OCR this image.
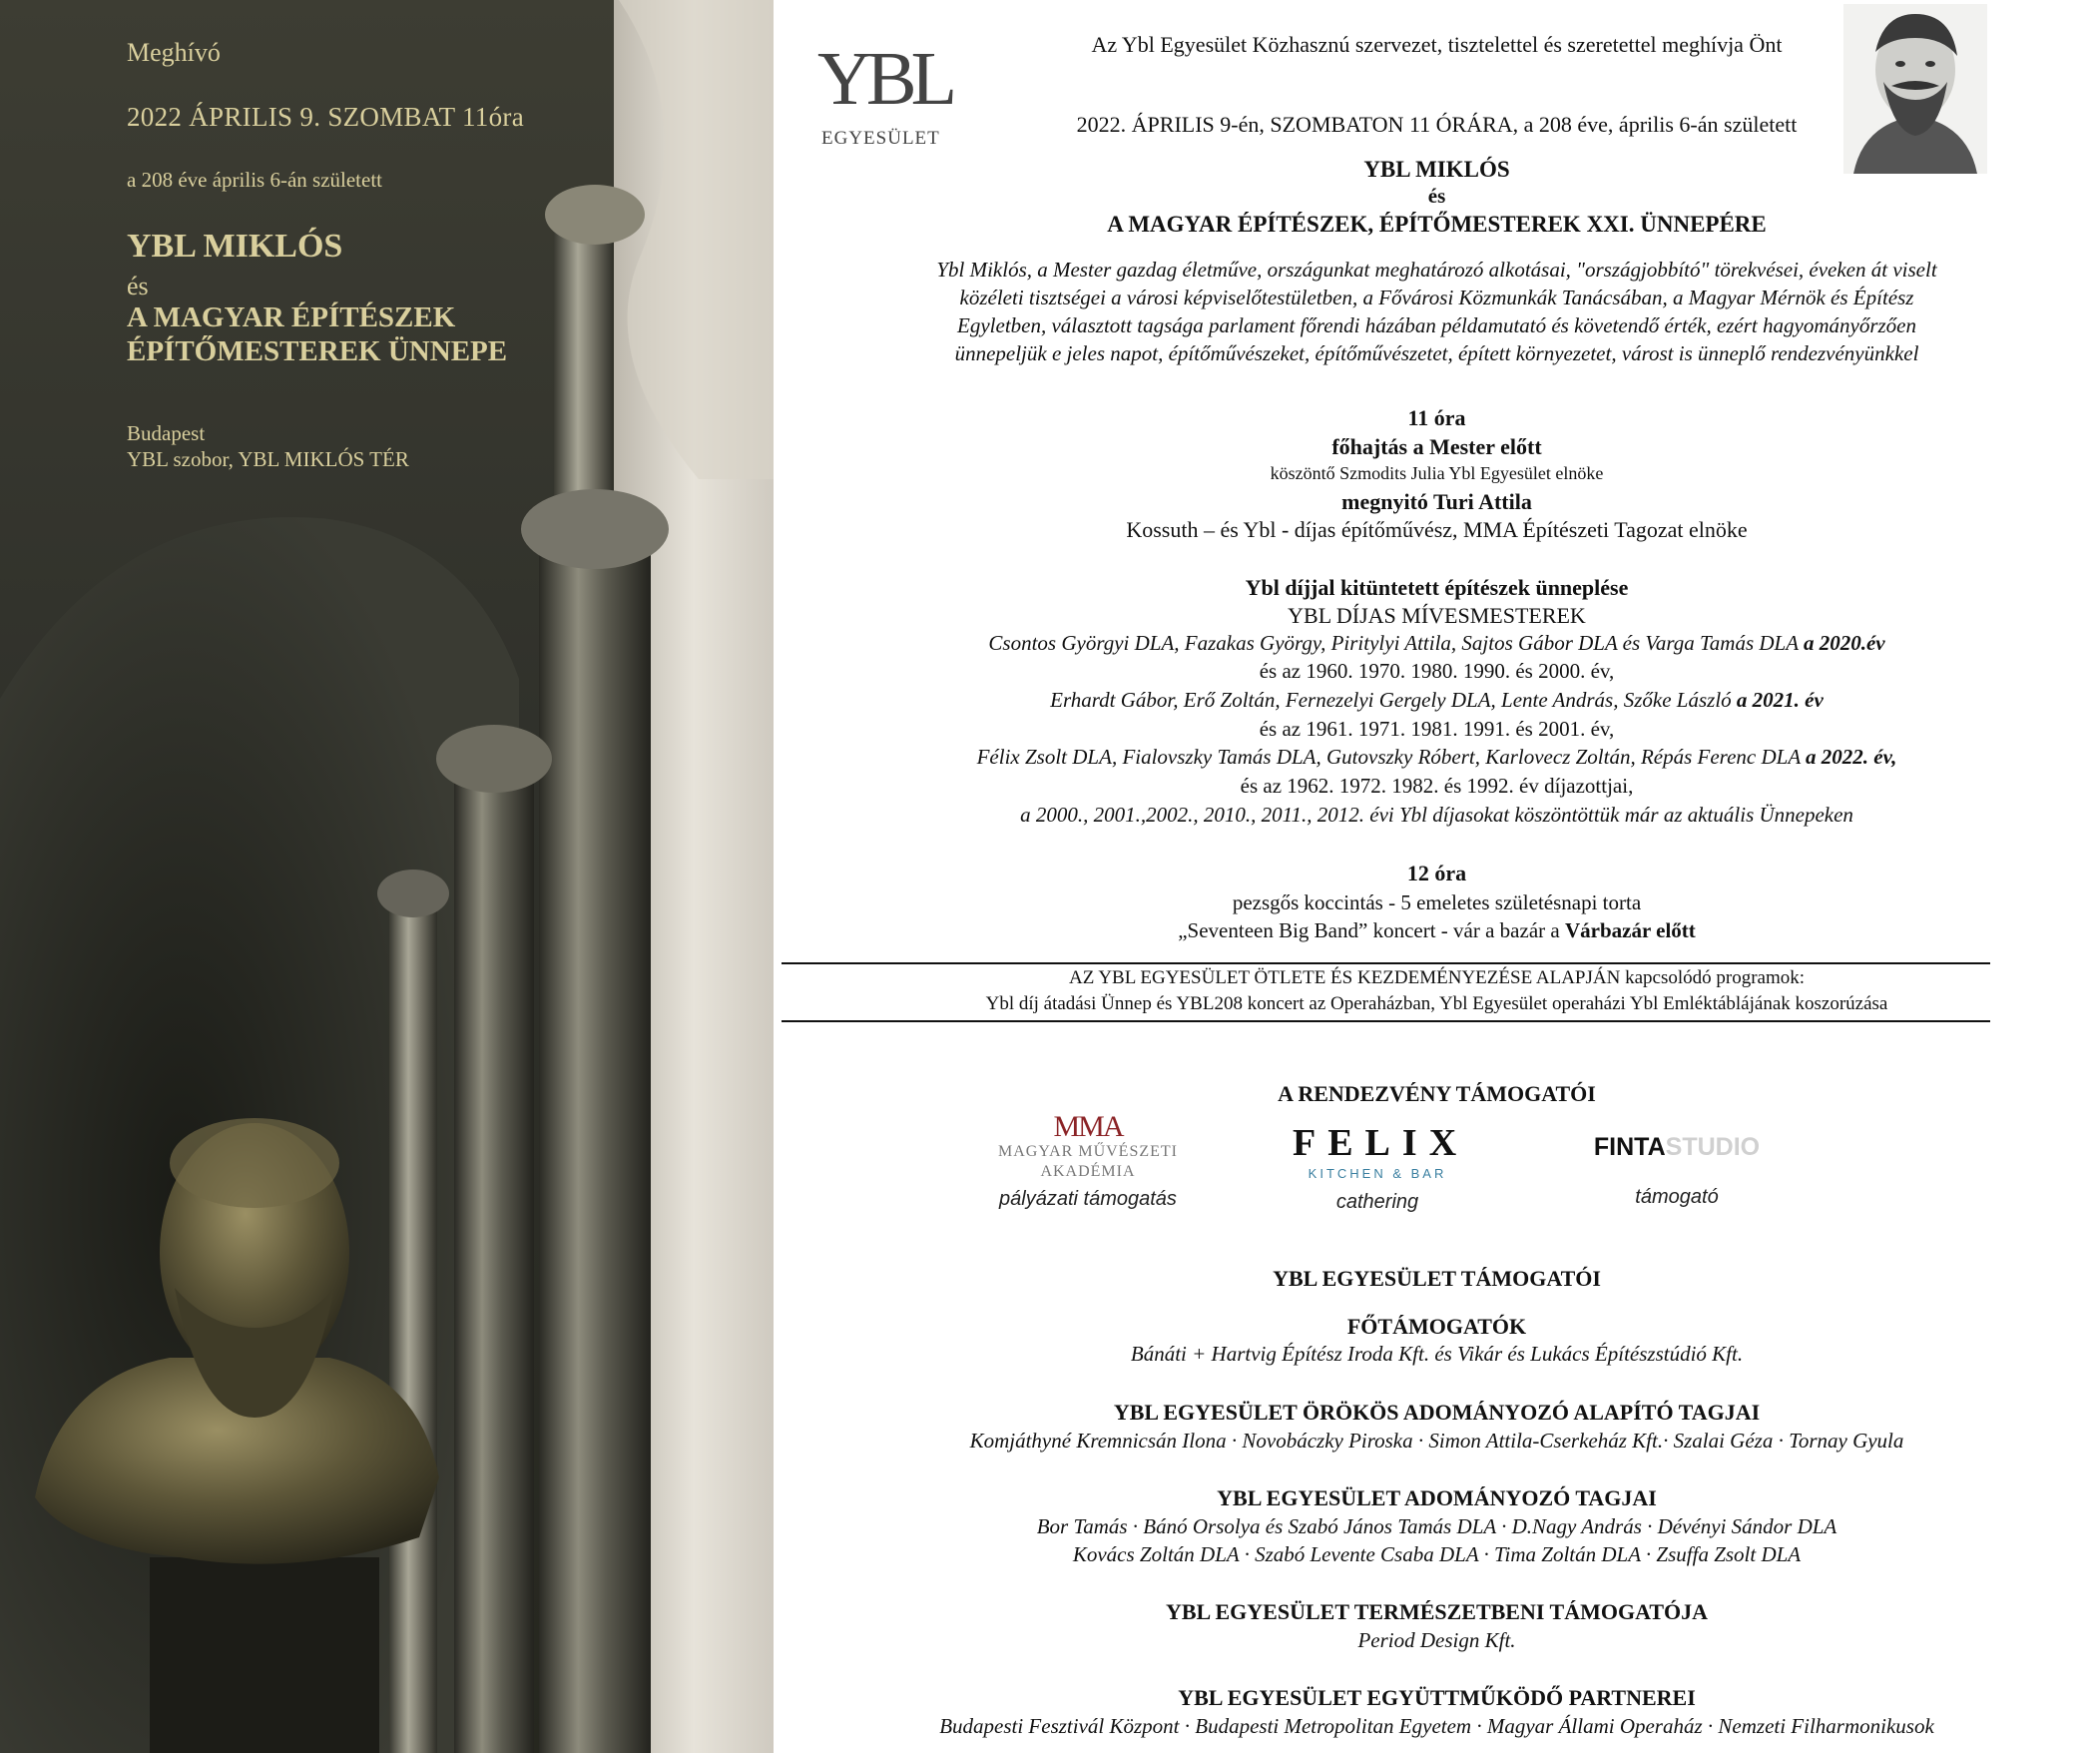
Meghívó
2022 ÁPRILIS 9. SZOMBAT 11óra
a 208 éve április 6-án született
YBL MIKLÓS
és
A MAGYAR ÉPÍTÉSZEK
ÉPÍTŐMESTEREK ÜNNEPE
Budapest
YBL szobor, YBL MIKLÓS TÉR
YBL
EGYESÜLET
Az Ybl Egyesület Közhasznú szervezet, tisztelettel és szeretettel meghívja Önt
2022. ÁPRILIS 9-én, SZOMBATON 11 ÓRÁRA, a 208 éve, április 6-án született
YBL MIKLÓS
és
A MAGYAR ÉPÍTÉSZEK, ÉPÍTŐMESTEREK XXI. ÜNNEPÉRE
Ybl Miklós, a Mester gazdag életműve, országunkat meghatározó alkotásai, "országjobbító" törekvései, éveken át viselt
közéleti tisztségei a városi képviselőtestületben, a Fővárosi Közmunkák Tanácsában, a Magyar Mérnök és Építész
Egyletben, választott tagsága parlament főrendi házában példamutató és követendő érték, ezért hagyományőrzően
ünnepeljük e jeles napot, építőművészeket, építőművészetet, épített környezetet, várost is ünneplő rendezvényünkkel
11 óra
főhajtás a Mester előtt
köszöntő Szmodits Julia Ybl Egyesület elnöke
megnyitó Turi Attila
Kossuth – és Ybl - díjas építőművész, MMA Építészeti Tagozat elnöke
Ybl díjjal kitüntetett építészek ünneplése
YBL DÍJAS MÍVESMESTEREK
Csontos Györgyi DLA, Fazakas György, Piritylyi Attila, Sajtos Gábor DLA és Varga Tamás DLA a 2020.év
és az 1960. 1970. 1980. 1990. és 2000. év,
Erhardt Gábor, Erő Zoltán, Fernezelyi Gergely DLA, Lente András, Szőke László a 2021. év
és az 1961. 1971. 1981. 1991. és 2001. év,
Félix Zsolt DLA, Fialovszky Tamás DLA, Gutovszky Róbert, Karlovecz Zoltán, Répás Ferenc DLA a 2022. év,
és az 1962. 1972. 1982. és 1992. év díjazottjai,
a 2000., 2001.,2002., 2010., 2011., 2012. évi Ybl díjasokat köszöntöttük már az aktuális Ünnepeken
12 óra
pezsgős koccintás - 5 emeletes születésnapi torta
„Seventeen Big Band” koncert - vár a bazár a Várbazár előtt
AZ YBL EGYESÜLET ÖTLETE ÉS KEZDEMÉNYEZÉSE ALAPJÁN kapcsolódó programok:
Ybl díj átadási Ünnep és YBL208 koncert az Operaházban, Ybl Egyesület operaházi Ybl Emléktáblájának koszorúzása
A RENDEZVÉNY TÁMOGATÓI
MMA
MAGYAR MŰVÉSZETI
AKADÉMIA
pályázati támogatás
FELIX
KITCHEN & BAR
cathering
FINTASTUDIO
támogató
YBL EGYESÜLET TÁMOGATÓI
FŐTÁMOGATÓK
Bánáti + Hartvig Építész Iroda Kft. és Vikár és Lukács Építészstúdió Kft.
YBL EGYESÜLET ÖRÖKÖS ADOMÁNYOZÓ ALAPÍTÓ TAGJAI
Komjáthyné Kremnicsán Ilona · Novobáczky Piroska · Simon Attila-Cserkeház Kft.· Szalai Géza · Tornay Gyula
YBL EGYESÜLET ADOMÁNYOZÓ TAGJAI
Bor Tamás · Bánó Orsolya és Szabó János Tamás DLA · D.Nagy András · Dévényi Sándor DLA
Kovács Zoltán DLA · Szabó Levente Csaba DLA · Tima Zoltán DLA · Zsuffa Zsolt DLA
YBL EGYESÜLET TERMÉSZETBENI TÁMOGATÓJA
Period Design Kft.
YBL EGYESÜLET EGYÜTTMŰKÖDŐ PARTNEREI
Budapesti Fesztivál Központ · Budapesti Metropolitan Egyetem · Magyar Állami Operaház · Nemzeti Filharmonikusok
